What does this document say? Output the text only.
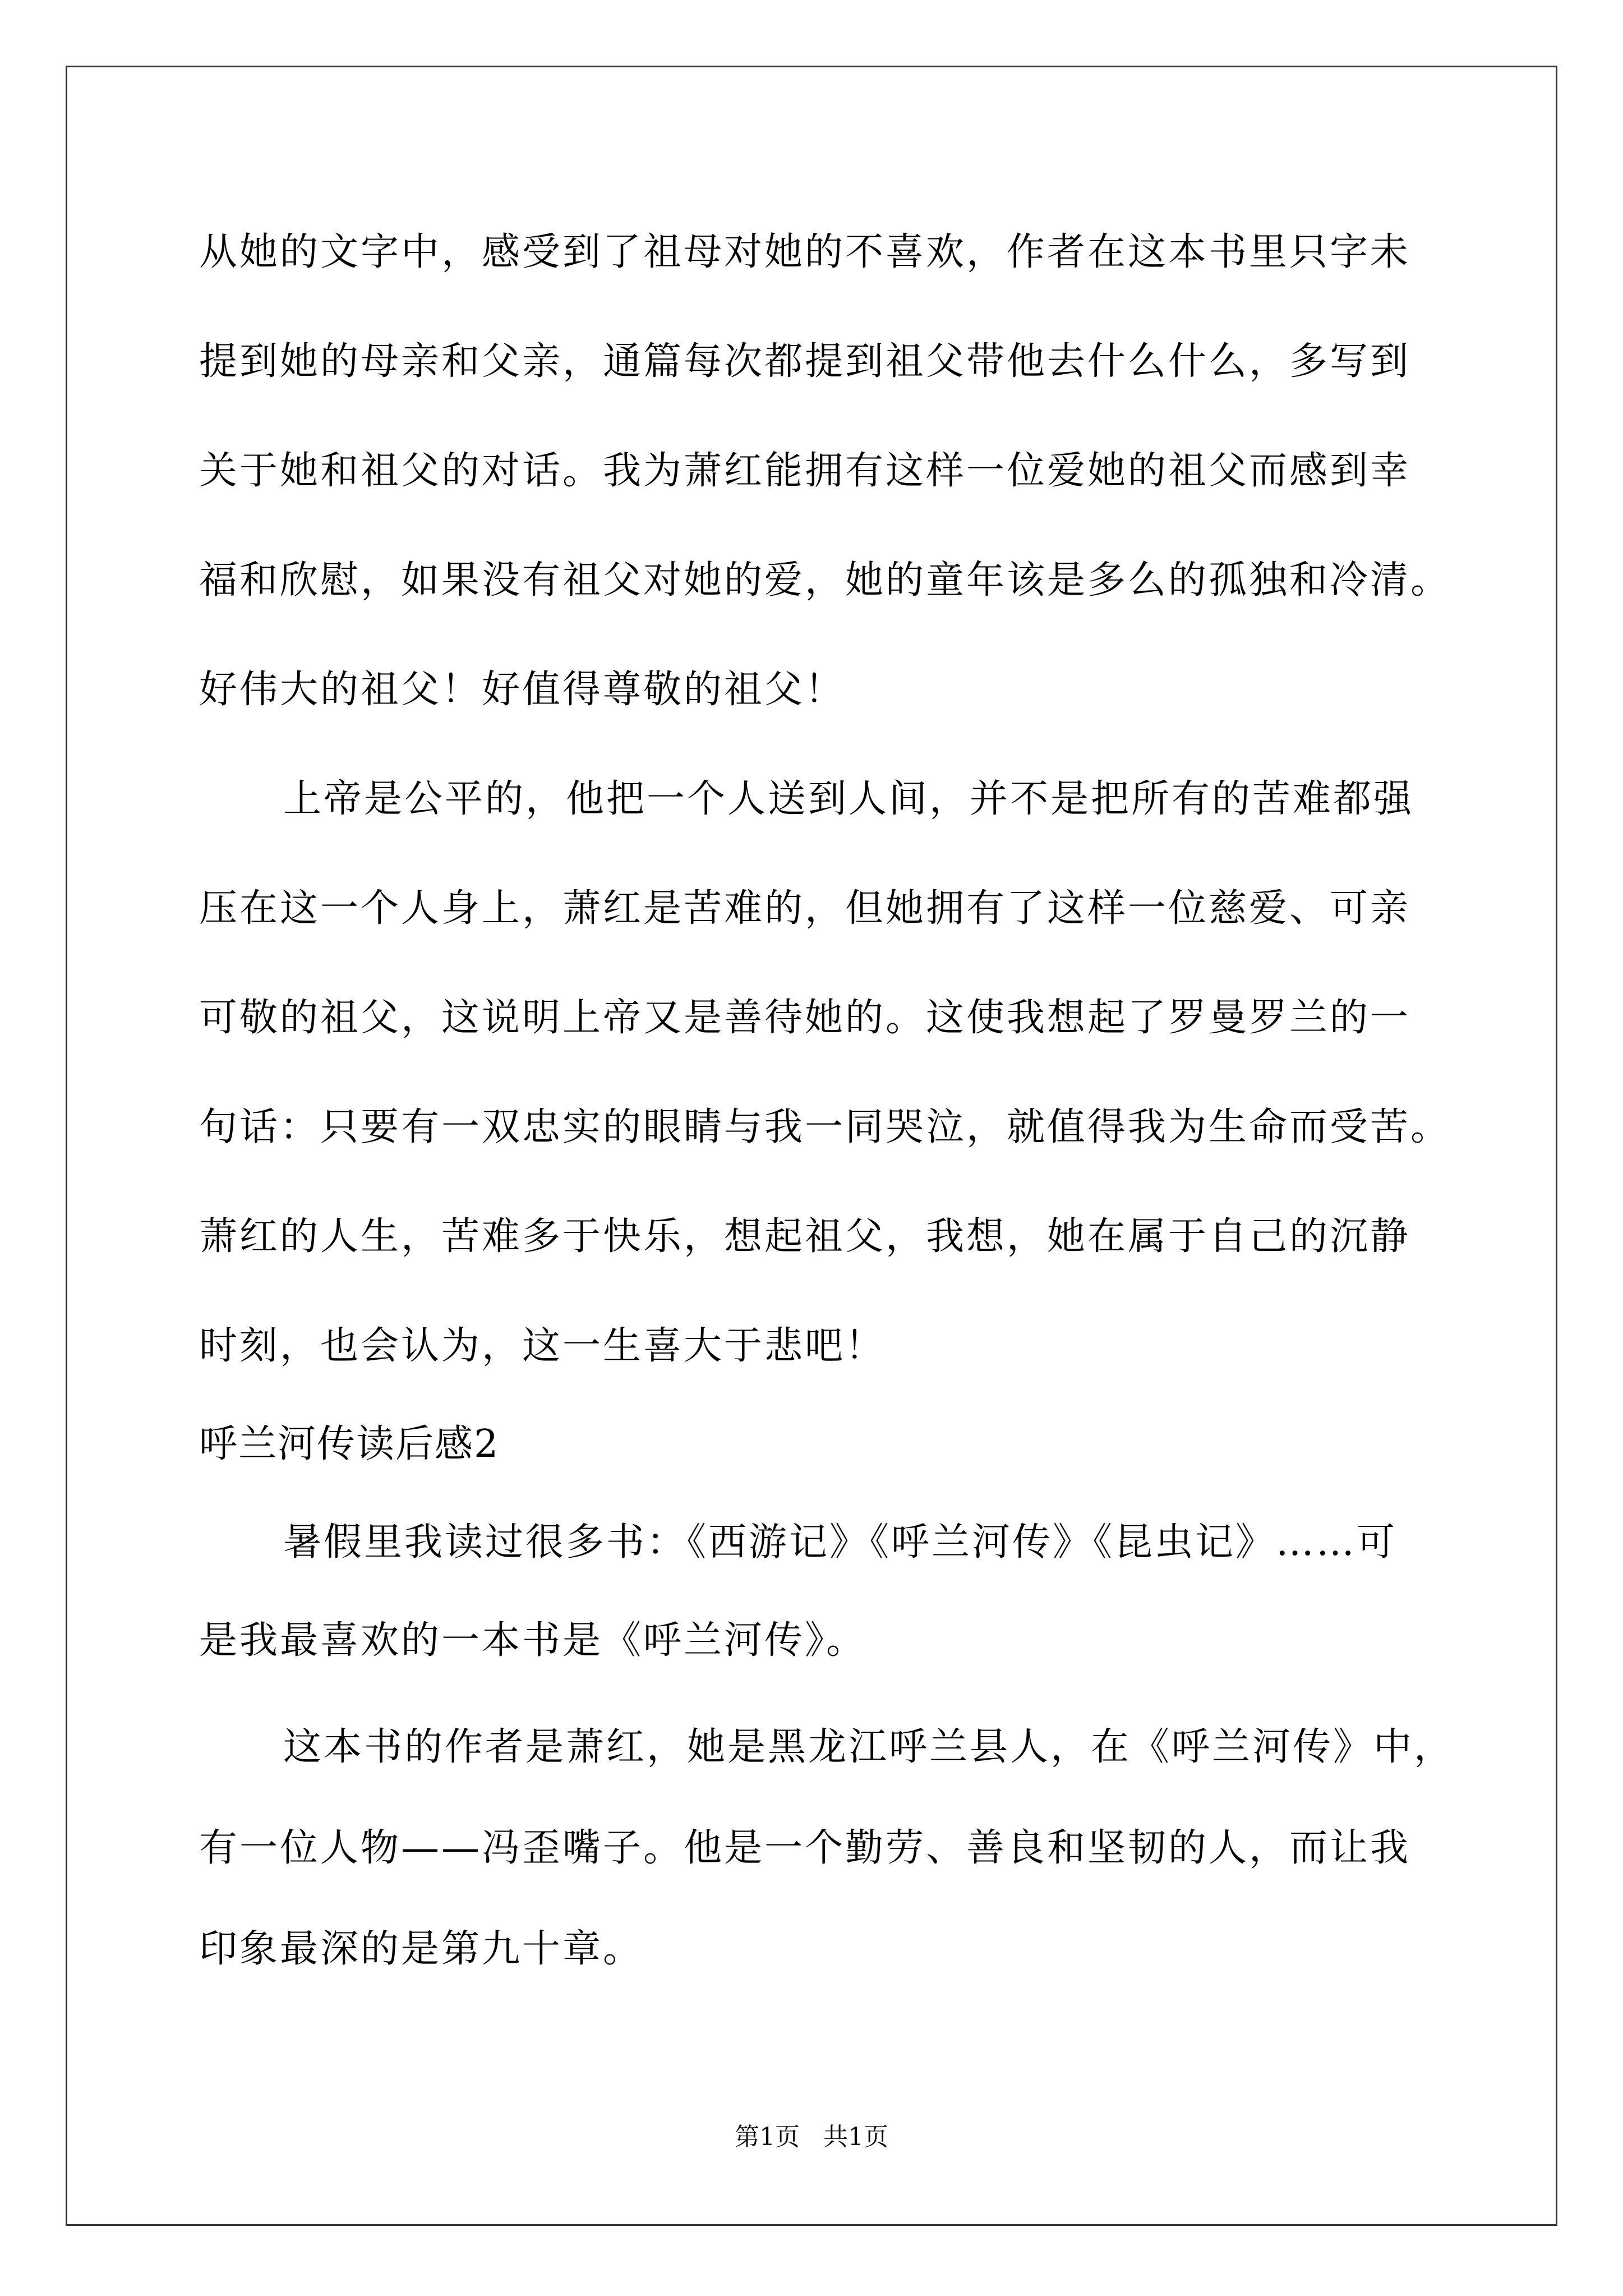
从她的文字中，感受到了祖母对她的不喜欢，作者在这本书里只字未
提到她的母亲和父亲，通篇每次都提到祖父带他去什么什么，多写到
关于她和祖父的对话。我为萧红能拥有这样一位爱她的祖父而感到幸
福和欣慰，如果没有祖父对她的爱，她的童年该是多么的孤独和冷清。
好伟大的祖父！好值得尊敬的祖父！
上帝是公平的，他把一个人送到人间，并不是把所有的苦难都强
压在这一个人身上，萧红是苦难的，但她拥有了这样一位慈爱、可亲
可敬的祖父，这说明上帝又是善待她的。这使我想起了罗曼罗兰的一
句话：只要有一双忠实的眼睛与我一同哭泣，就值得我为生命而受苦。
萧红的人生，苦难多于快乐，想起祖父，我想，她在属于自己的沉静
时刻，也会认为，这一生喜大于悲吧！
呼兰河传读后感2
暑假里我读过很多书：《西游记》《呼兰河传》《昆虫记》……可
是我最喜欢的一本书是《呼兰河传》。
这本书的作者是萧红，她是黑龙江呼兰县人，在《呼兰河传》中，
有一位人物——冯歪嘴子。他是一个勤劳、善良和坚韧的人，而让我
印象最深的是第九十章。
第1页   共1页
